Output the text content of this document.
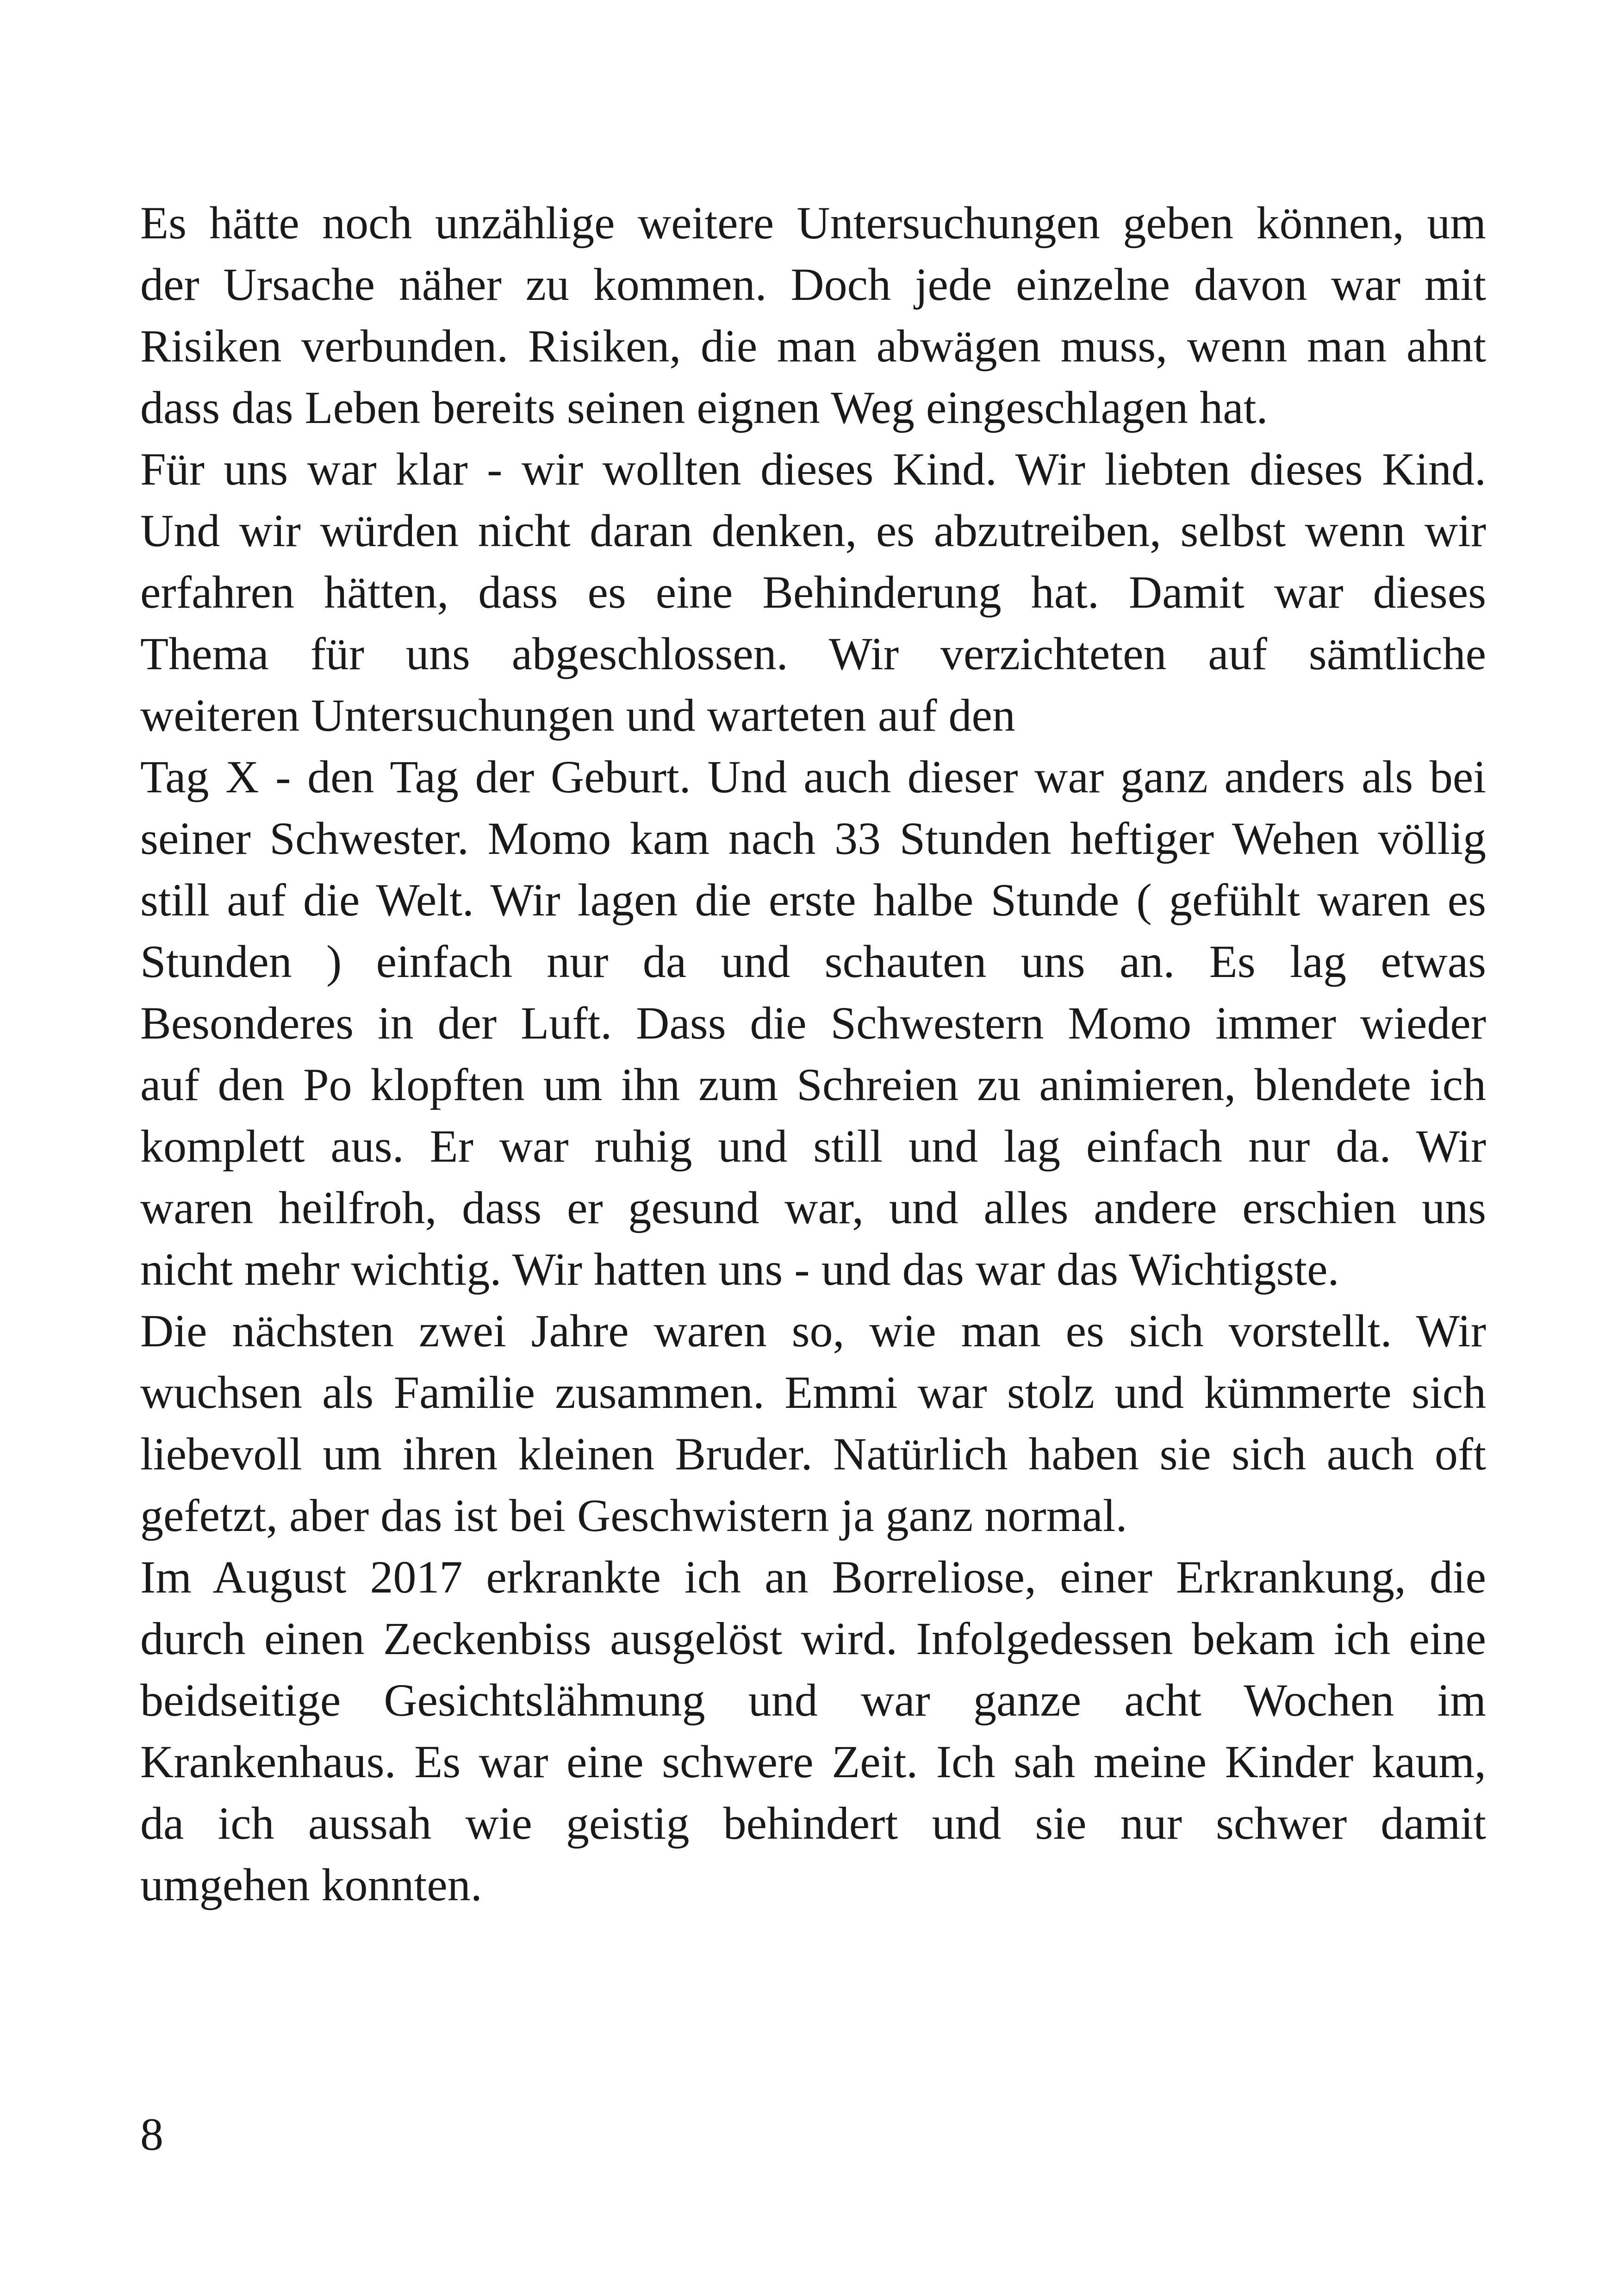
Es hätte noch unzählige weitere Untersuchungen geben können, um
der Ursache näher zu kommen. Doch jede einzelne davon war mit
Risiken verbunden. Risiken, die man abwägen muss, wenn man ahnt
dass das Leben bereits seinen eignen Weg eingeschlagen hat.
Für uns war klar - wir wollten dieses Kind. Wir liebten dieses Kind.
Und wir würden nicht daran denken, es abzutreiben, selbst wenn wir
erfahren hätten, dass es eine Behinderung hat. Damit war dieses
Thema für uns abgeschlossen. Wir verzichteten auf sämtliche
weiteren Untersuchungen und warteten auf den
Tag X - den Tag der Geburt. Und auch dieser war ganz anders als bei
seiner Schwester. Momo kam nach 33 Stunden heftiger Wehen völlig
still auf die Welt. Wir lagen die erste halbe Stunde ( gefühlt waren es
Stunden ) einfach nur da und schauten uns an. Es lag etwas
Besonderes in der Luft. Dass die Schwestern Momo immer wieder
auf den Po klopften um ihn zum Schreien zu animieren, blendete ich
komplett aus. Er war ruhig und still und lag einfach nur da. Wir
waren heilfroh, dass er gesund war, und alles andere erschien uns
nicht mehr wichtig. Wir hatten uns - und das war das Wichtigste.
Die nächsten zwei Jahre waren so, wie man es sich vorstellt. Wir
wuchsen als Familie zusammen. Emmi war stolz und kümmerte sich
liebevoll um ihren kleinen Bruder. Natürlich haben sie sich auch oft
gefetzt, aber das ist bei Geschwistern ja ganz normal.
Im August 2017 erkrankte ich an Borreliose, einer Erkrankung, die
durch einen Zeckenbiss ausgelöst wird. Infolgedessen bekam ich eine
beidseitige Gesichtslähmung und war ganze acht Wochen im
Krankenhaus. Es war eine schwere Zeit. Ich sah meine Kinder kaum,
da ich aussah wie geistig behindert und sie nur schwer damit
umgehen konnten.
8
